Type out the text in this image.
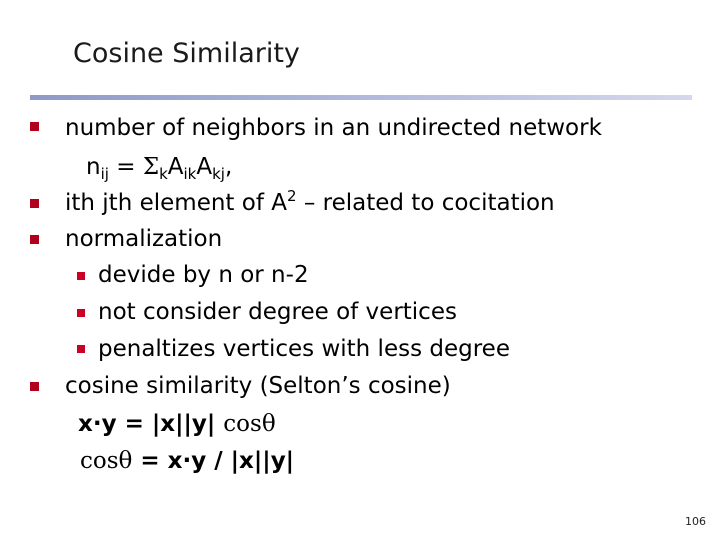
Cosine Similarity
number of neighbors in an undirected network
$n_{ij} = \Sigma_kA_{ik}A_{kj}$,
ith jth element of $A^2$ – related to cocitation
normalization
devide by n or n-2
not consider degree of vertices
penaltizes vertices with less degree
cosine similarity (Selton’s cosine)
x·y = |x||y| cosθ
cosθ = x·y / |x||y|
106
